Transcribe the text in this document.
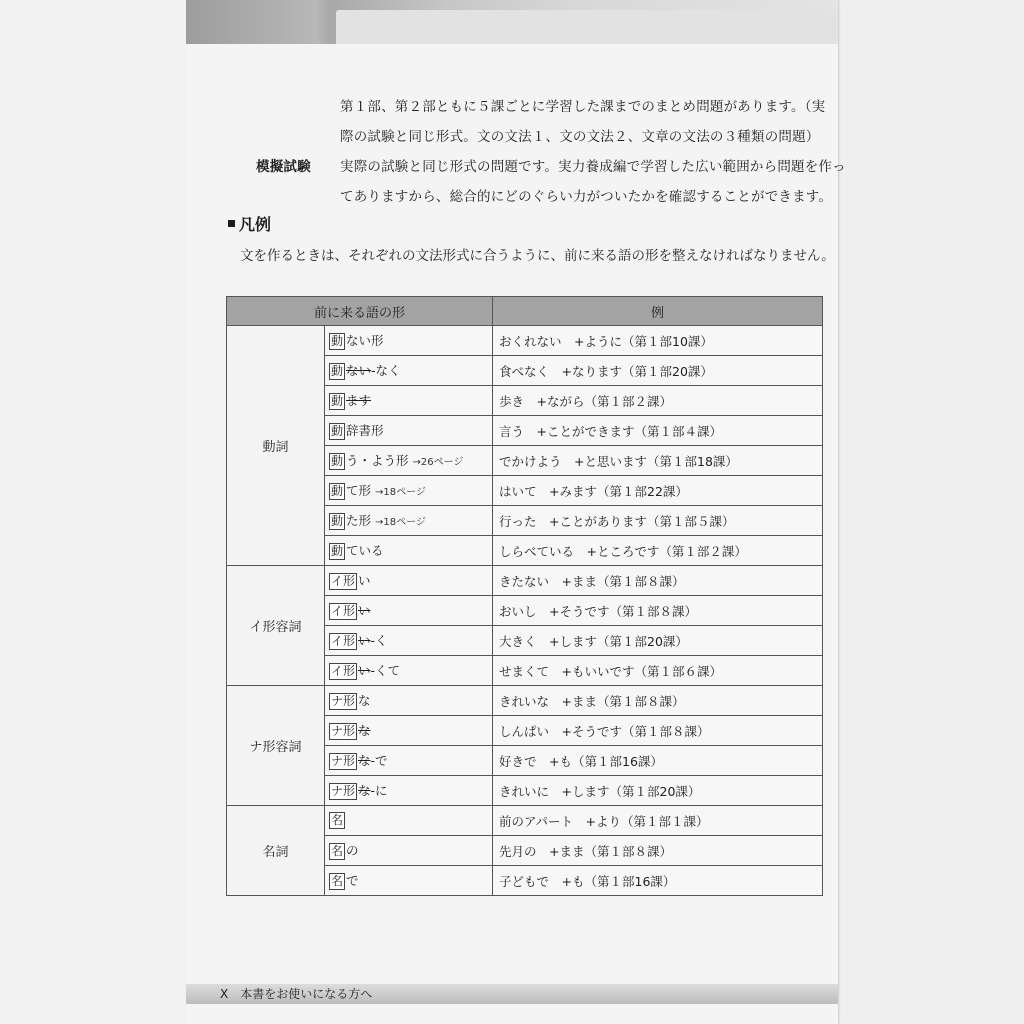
第１部、第２部ともに５課ごとに学習した課までのまとめ問題があります。（実
際の試験と同じ形式。文の文法１、文の文法２、文章の文法の３種類の問題）
模擬試験	実際の試験と同じ形式の問題です。実力養成編で学習した広い範囲から問題を作っ
てありますから、総合的にどのぐらい力がついたかを確認することができます。
凡例
文を作るときは、それぞれの文法形式に合うように、前に来る語の形を整えなければなりません。
前に来る語の形		例
動詞	動 ない形	おくれない　+ように（第１部10課）
	動 ない-なく	食べなく　+なります（第１部20課）
	動 ます	歩き　+ながら（第１部２課）
	動 辞書形	言う　+ことができます（第１部４課）
	動 う・よう形 →26ページ	でかけよう　+と思います（第１部18課）
	動 て形 →18ページ	はいて　+みます（第１部22課）
	動 た形 →18ページ	行った　+ことがあります（第１部５課）
	動 ている	しらべている　+ところです（第１部２課）
イ形容詞	イ形 い	きたない　+まま（第１部８課）
	イ形 い	おいし　+そうです（第１部８課）
	イ形 い-く	大きく　+します（第１部20課）
	イ形 い-くて	せまくて　+もいいです（第１部６課）
ナ形容詞	ナ形 な	きれいな　+まま（第１部８課）
	ナ形 な	しんぱい　+そうです（第１部８課）
	ナ形 な-で	好きで　+も（第１部16課）
	ナ形 な-に	きれいに　+します（第１部20課）
名詞	名	前のアパート　+より（第１部１課）
	名 の	先月の　+まま（第１部８課）
	名 で	子どもで　+も（第１部16課）
X　本書をお使いになる方へ
